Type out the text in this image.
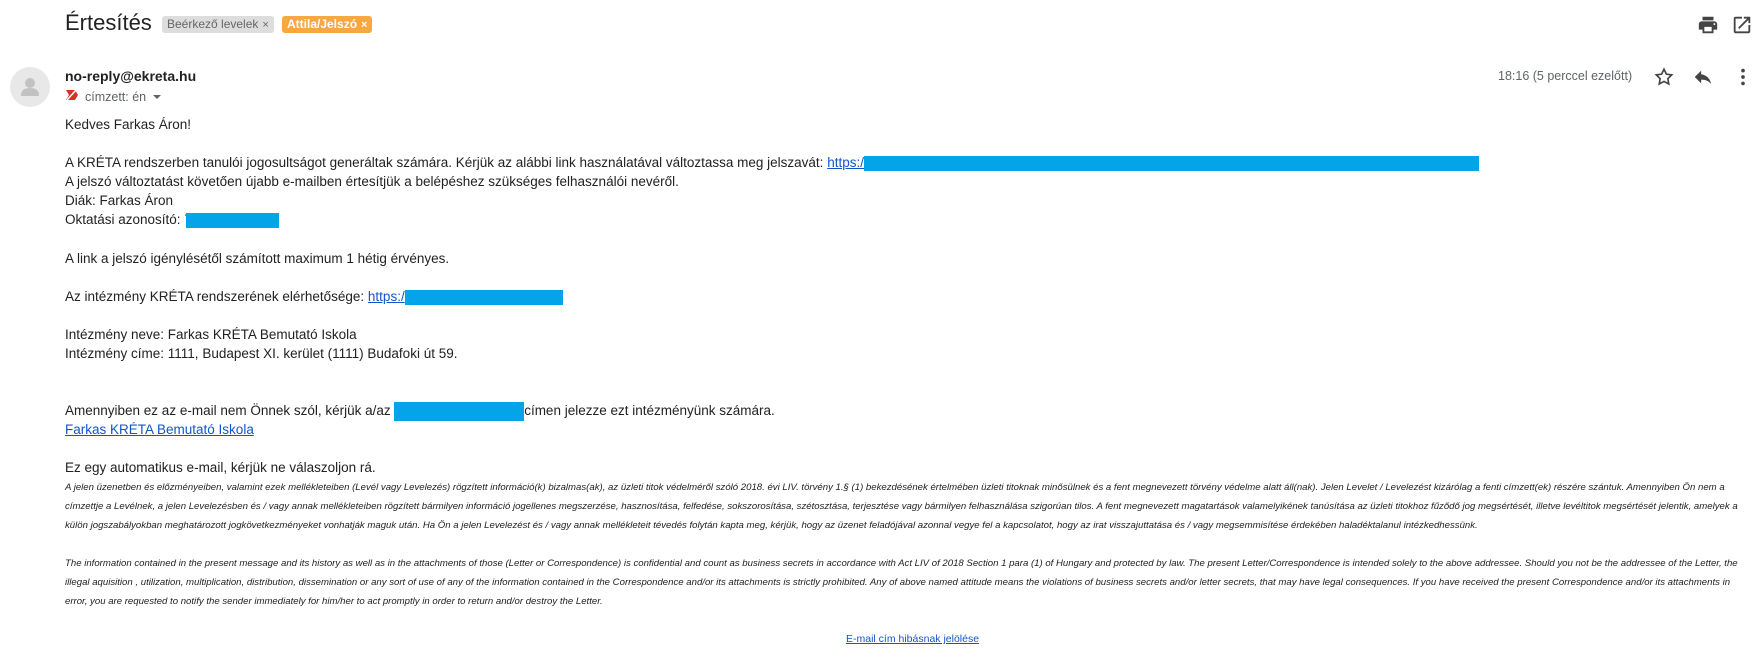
Értesítés	Beérkező levelek ×	Attila/Jelszó ×
no-reply@ekreta.hu
címzett: én
18:16 (5 perccel ezelőtt)
Kedves Farkas Áron!
A KRÉTA rendszerben tanulói jogosultságot generáltak számára. Kérjük az alábbi link használatával változtassa meg jelszavát: https:/
A jelszó változtatást követően újabb e-mailben értesítjük a belépéshez szükséges felhasználói nevéről.
Diák: Farkas Áron
Oktatási azonosító:
A link a jelszó igénylésétől számított maximum 1 hétig érvényes.
Az intézmény KRÉTA rendszerének elérhetősége: https:/
Intézmény neve: Farkas KRÉTA Bemutató Iskola
Intézmény címe: 1111, Budapest XI. kerület (1111) Budafoki út 59.
Amennyiben ez az e-mail nem Önnek szól, kérjük a/az	címen jelezze ezt intézményünk számára.
Farkas KRÉTA Bemutató Iskola
Ez egy automatikus e-mail, kérjük ne válaszoljon rá.
A jelen üzenetben és előzményeiben, valamint ezek mellékleteiben (Levél vagy Levelezés) rögzített információ(k) bizalmas(ak), az üzleti titok védelméről szóló 2018. évi LIV. törvény 1.§ (1) bekezdésének értelmében üzleti titoknak minősülnek és a fent megnevezett törvény védelme alatt áll(nak). Jelen Levelet / Levelezést kizárólag a fenti címzett(ek) részére szántuk. Amennyiben Ön nem a címzettje a Levélnek, a jelen Levelezésben és / vagy annak mellékleteiben rögzített bármilyen információ jogellenes megszerzése, hasznosítása, felfedése, sokszorosítása, szétosztása, terjesztése vagy bármilyen felhasználása szigorúan tilos. A fent megnevezett magatartások valamelyikének tanúsítása az üzleti titokhoz fűződő jog megsértését, illetve levéltitok megsértését jelentik, amelyek a külön jogszabályokban meghatározott jogkövetkezményeket vonhatják maguk után. Ha Ön a jelen Levelezést és / vagy annak mellékleteit tévedés folytán kapta meg, kérjük, hogy az üzenet feladójával azonnal vegye fel a kapcsolatot, hogy az irat visszajuttatása és / vagy megsemmisítése érdekében haladéktalanul intézkedhessünk.
The information contained in the present message and its history as well as in the attachments of those (Letter or Correspondence) is confidential and count as business secrets in accordance with Act LIV of 2018 Section 1 para (1) of Hungary and protected by law. The present Letter/Correspondence is intended solely to the above addressee. Should you not be the addressee of the Letter, the illegal aquisition , utilization, multiplication, distribution, dissemination or any sort of use of any of the information contained in the Correspondence and/or its attachments is strictly prohibited. Any of above named attitude means the violations of business secrets and/or letter secrets, that may have legal consequences. If you have received the present Correspondence and/or its attachments in error, you are requested to notify the sender immediately for him/her to act promptly in order to return and/or destroy the Letter.
E-mail cím hibásnak jelölése
